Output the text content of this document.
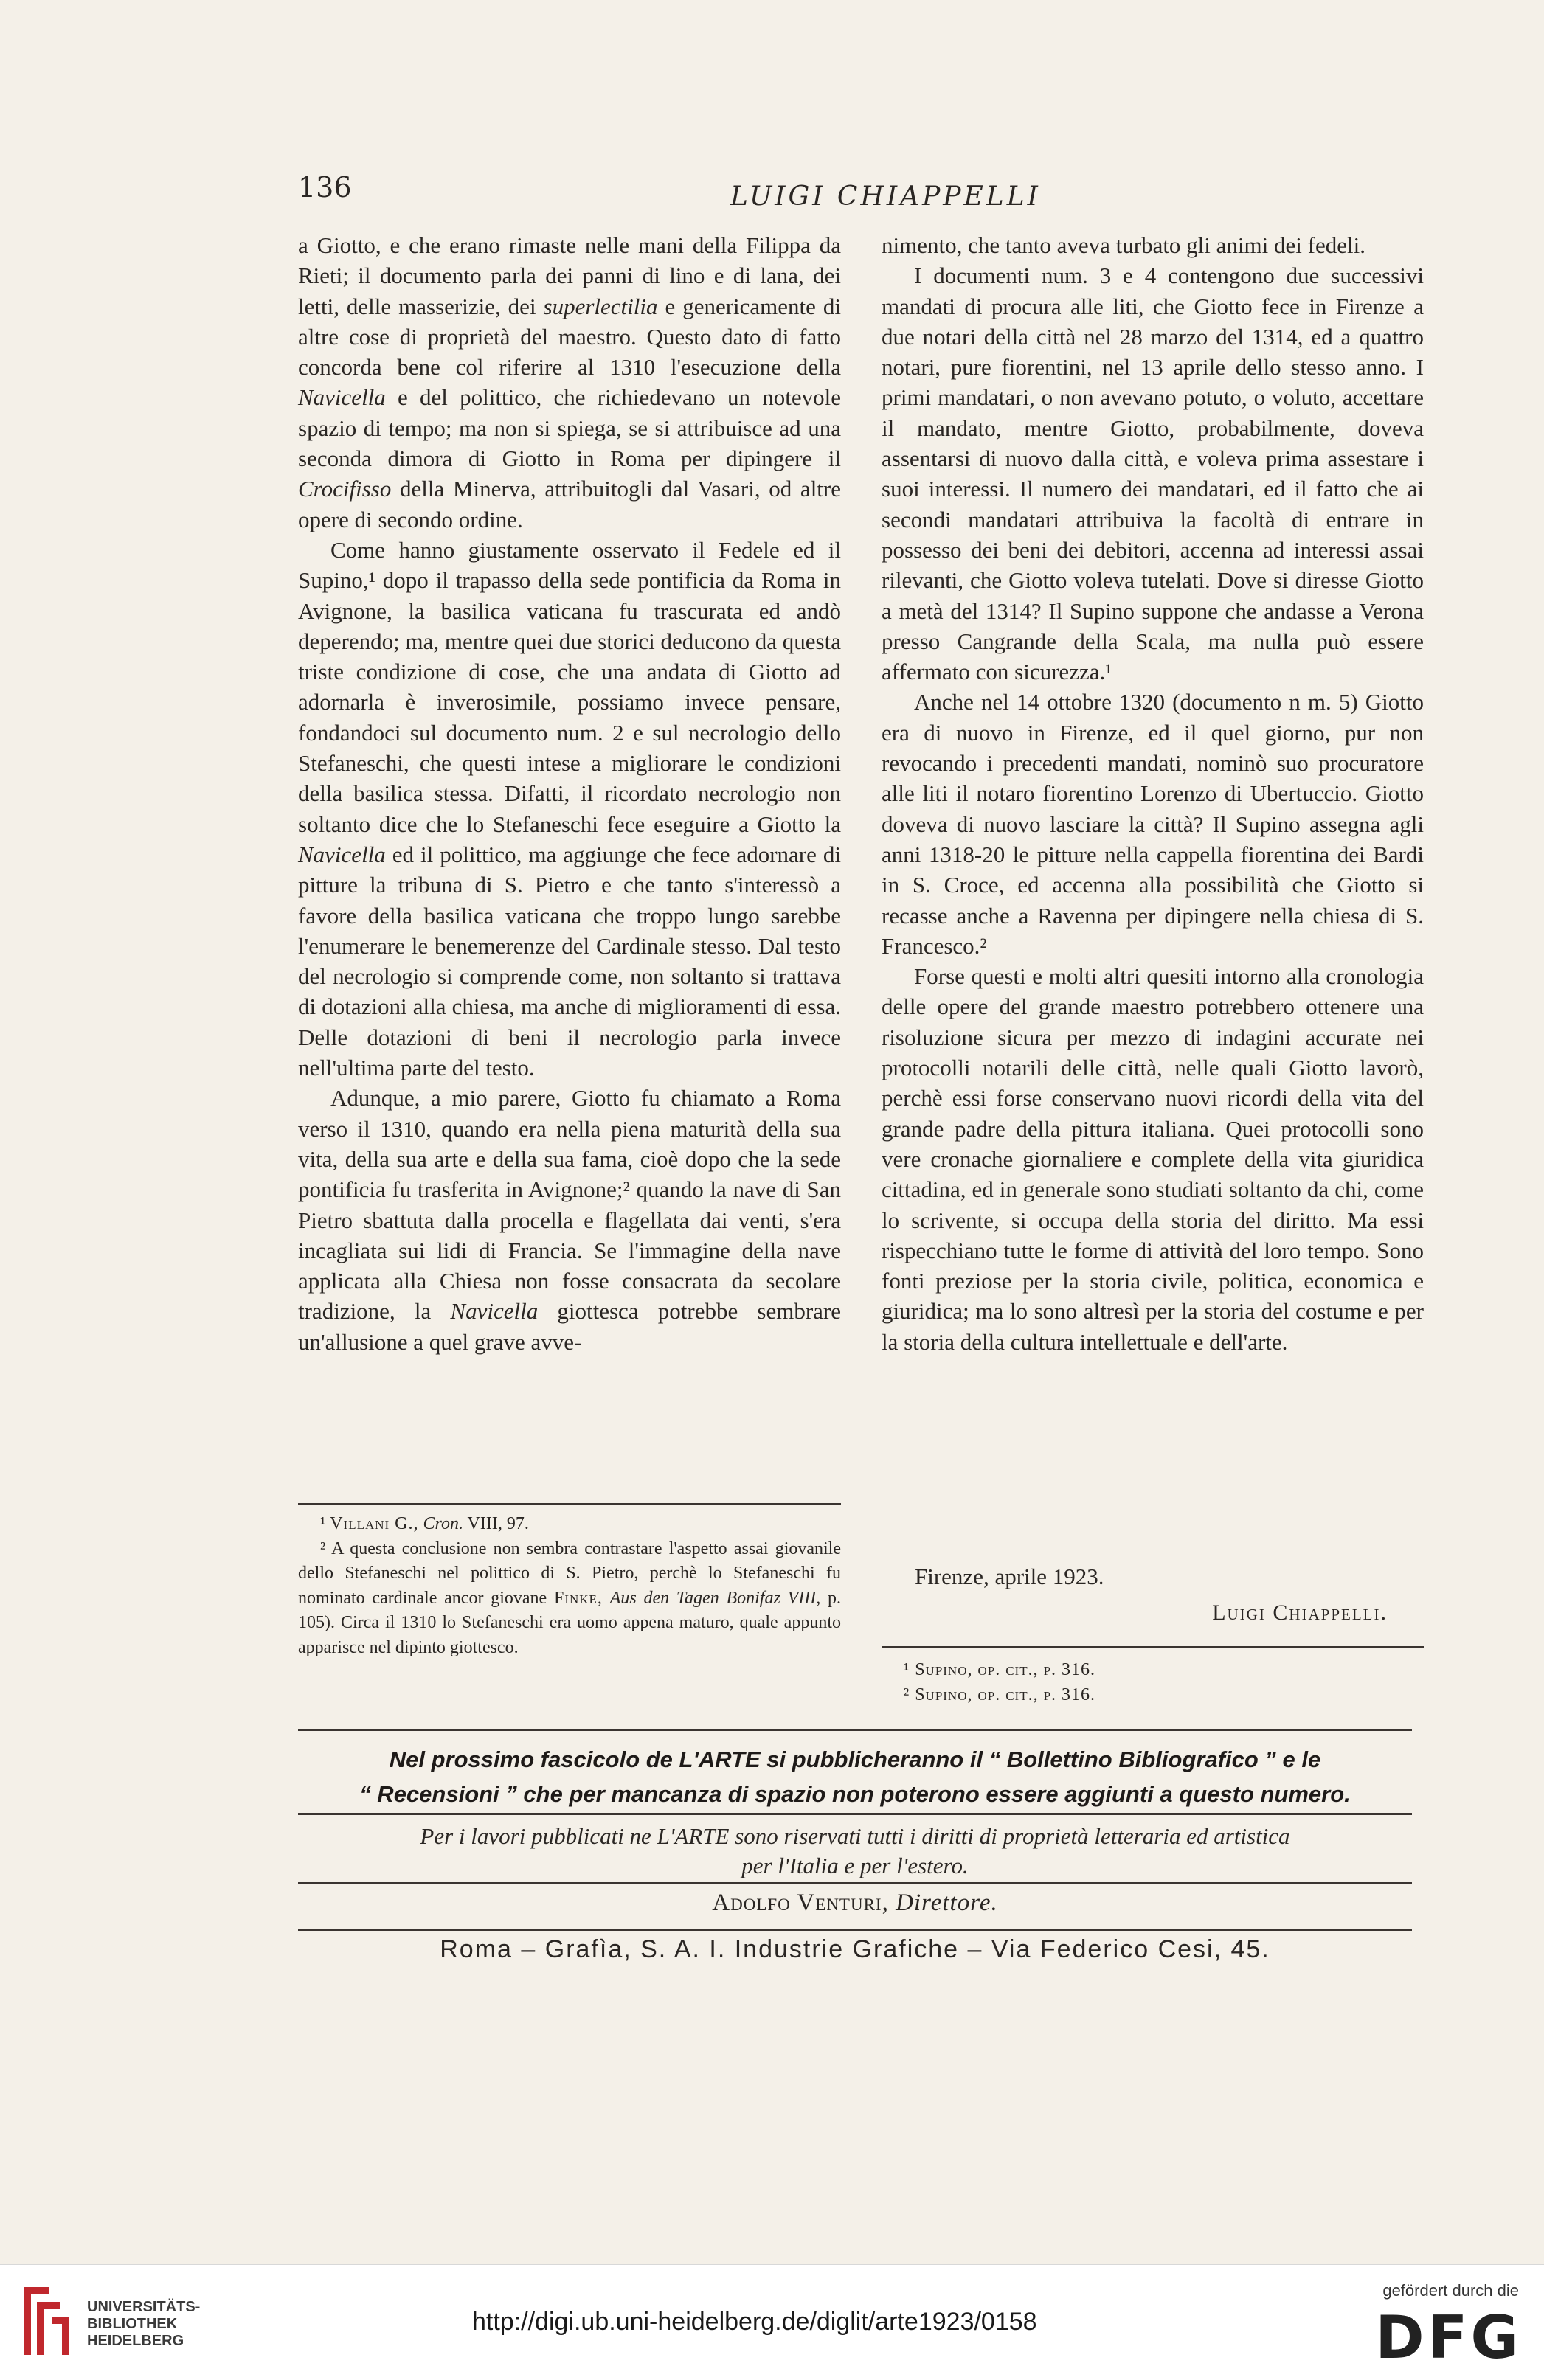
136	LUIGI CHIAPPELLI

a Giotto, e che erano rimaste nelle mani della Filippa da Rieti; il documento parla dei panni di lino e di lana, dei letti, delle masserizie, dei superlectilia e genericamente di altre cose di proprietà del maestro. Questo dato di fatto concorda bene col riferire al 1310 l'esecuzione della Navicella e del polittico, che richiedevano un notevole spazio di tempo; ma non si spiega, se si attribuisce ad una seconda dimora di Giotto in Roma per dipingere il Crocifisso della Minerva, attribuitogli dal Vasari, od altre opere di secondo ordine.

Come hanno giustamente osservato il Fedele ed il Supino,¹ dopo il trapasso della sede pontificia da Roma in Avignone, la basilica vaticana fu trascurata ed andò deperendo; ma, mentre quei due storici deducono da questa triste condizione di cose, che una andata di Giotto ad adornarla è inverosimile, possiamo invece pensare, fondandoci sul documento num. 2 e sul necrologio dello Stefaneschi, che questi intese a migliorare le condizioni della basilica stessa. Difatti, il ricordato necrologio non soltanto dice che lo Stefaneschi fece eseguire a Giotto la Navicella ed il polittico, ma aggiunge che fece adornare di pitture la tribuna di S. Pietro e che tanto s'interessò a favore della basilica vaticana che troppo lungo sarebbe l'enumerare le benemerenze del Cardinale stesso. Dal testo del necrologio si comprende come, non soltanto si trattava di dotazioni alla chiesa, ma anche di miglioramenti di essa. Delle dotazioni di beni il necrologio parla invece nell'ultima parte del testo.

Adunque, a mio parere, Giotto fu chiamato a Roma verso il 1310, quando era nella piena maturità della sua vita, della sua arte e della sua fama, cioè dopo che la sede pontificia fu trasferita in Avignone;² quando la nave di San Pietro sbattuta dalla procella e flagellata dai venti, s'era incagliata sui lidi di Francia. Se l'immagine della nave applicata alla Chiesa non fosse consacrata da secolare tradizione, la Navicella giottesca potrebbe sembrare un'allusione a quel grave avve-

¹ Villani G., Cron. VIII, 97.

² A questa conclusione non sembra contrastare l'aspetto assai giovanile dello Stefaneschi nel polittico di S. Pietro, perchè lo Stefaneschi fu nominato cardinale ancor giovane Finke, Aus den Tagen Bonifaz VIII, p. 105). Circa il 1310 lo Stefaneschi era uomo appena maturo, quale appunto apparisce nel dipinto giottesco.

nimento, che tanto aveva turbato gli animi dei fedeli.

I documenti num. 3 e 4 contengono due successivi mandati di procura alle liti, che Giotto fece in Firenze a due notari della città nel 28 marzo del 1314, ed a quattro notari, pure fiorentini, nel 13 aprile dello stesso anno. I primi mandatari, o non avevano potuto, o voluto, accettare il mandato, mentre Giotto, probabilmente, doveva assentarsi di nuovo dalla città, e voleva prima assestare i suoi interessi. Il numero dei mandatari, ed il fatto che ai secondi mandatari attribuiva la facoltà di entrare in possesso dei beni dei debitori, accenna ad interessi assai rilevanti, che Giotto voleva tutelati. Dove si diresse Giotto a metà del 1314? Il Supino suppone che andasse a Verona presso Cangrande della Scala, ma nulla può essere affermato con sicurezza.¹

Anche nel 14 ottobre 1320 (documento n m. 5) Giotto era di nuovo in Firenze, ed il quel giorno, pur non revocando i precedenti mandati, nominò suo procuratore alle liti il notaro fiorentino Lorenzo di Ubertuccio. Giotto doveva di nuovo lasciare la città? Il Supino assegna agli anni 1318-20 le pitture nella cappella fiorentina dei Bardi in S. Croce, ed accenna alla possibilità che Giotto si recasse anche a Ravenna per dipingere nella chiesa di S. Francesco.²

Forse questi e molti altri quesiti intorno alla cronologia delle opere del grande maestro potrebbero ottenere una risoluzione sicura per mezzo di indagini accurate nei protocolli notarili delle città, nelle quali Giotto lavorò, perchè essi forse conservano nuovi ricordi della vita del grande padre della pittura italiana. Quei protocolli sono vere cronache giornaliere e complete della vita giuridica cittadina, ed in generale sono studiati soltanto da chi, come lo scrivente, si occupa della storia del diritto. Ma essi rispecchiano tutte le forme di attività del loro tempo. Sono fonti preziose per la storia civile, politica, economica e giuridica; ma lo sono altresì per la storia del costume e per la storia della cultura intellettuale e dell'arte.

Firenze, aprile 1923.
Luigi Chiappelli.

¹ Supino, op. cit., p. 316.

² Supino, op. cit., p. 316.

Nel prossimo fascicolo de L'ARTE si pubblicheranno il “ Bollettino Bibliografico ” e le
“ Recensioni ” che per mancanza di spazio non poterono essere aggiunti a questo numero.
Per i lavori pubblicati ne L'ARTE sono riservati tutti i diritti di proprietà letteraria ed artistica
per l'Italia e per l'estero.
Adolfo Venturi, Direttore.
Roma – Grafìa, S. A. I. Industrie Grafiche – Via Federico Cesi, 45.
UNIVERSITÄTS-
BIBLIOTHEK
HEIDELBERG
http://digi.ub.uni-heidelberg.de/diglit/arte1923/0158
gefördert durch die
DFG
